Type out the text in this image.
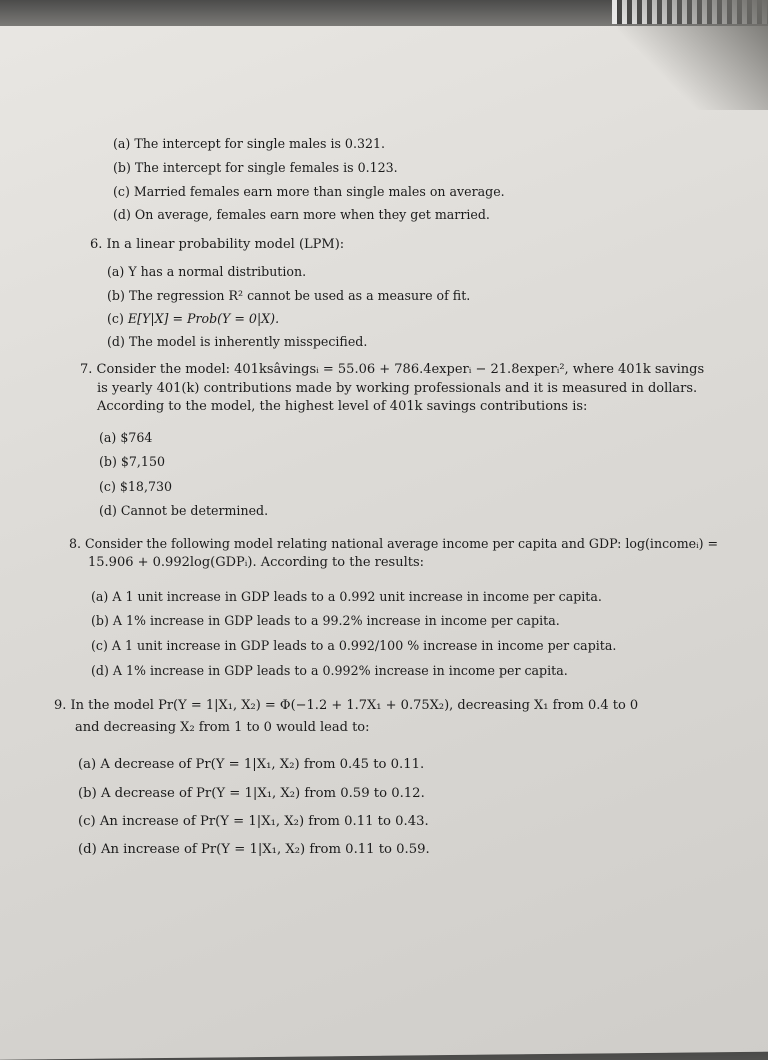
(a) The intercept for single males is 0.321.
(b) The intercept for single females is 0.123.
(c) Married females earn more than single males on average.
(d) On average, females earn more when they get married.
6. In a linear probability model (LPM):
(a) Y has a normal distribution.
(b) The regression R² cannot be used as a measure of fit.
(c) E[Y|X] = Prob(Y = 0|X).
(d) The model is inherently misspecified.
7. Consider the model: 401ksâvingsᵢ = 55.06 + 786.4experᵢ − 21.8experᵢ², where 401k savings
is yearly 401(k) contributions made by working professionals and it is measured in dollars.
According to the model, the highest level of 401k savings contributions is:
(a) $764
(b) $7,150
(c) $18,730
(d) Cannot be determined.
8. Consider the following model relating national average income per capita and GDP: log(incomeᵢ) =
15.906 + 0.992log(GDPᵢ). According to the results:
(a) A 1 unit increase in GDP leads to a 0.992 unit increase in income per capita.
(b) A 1% increase in GDP leads to a 99.2% increase in income per capita.
(c) A 1 unit increase in GDP leads to a 0.992/100 % increase in income per capita.
(d) A 1% increase in GDP leads to a 0.992% increase in income per capita.
9. In the model Pr(Y = 1|X₁, X₂) = Φ(−1.2 + 1.7X₁ + 0.75X₂), decreasing X₁ from 0.4 to 0
and decreasing X₂ from 1 to 0 would lead to:
(a) A decrease of Pr(Y = 1|X₁, X₂) from 0.45 to 0.11.
(b) A decrease of Pr(Y = 1|X₁, X₂) from 0.59 to 0.12.
(c) An increase of Pr(Y = 1|X₁, X₂) from 0.11 to 0.43.
(d) An increase of Pr(Y = 1|X₁, X₂) from 0.11 to 0.59.
